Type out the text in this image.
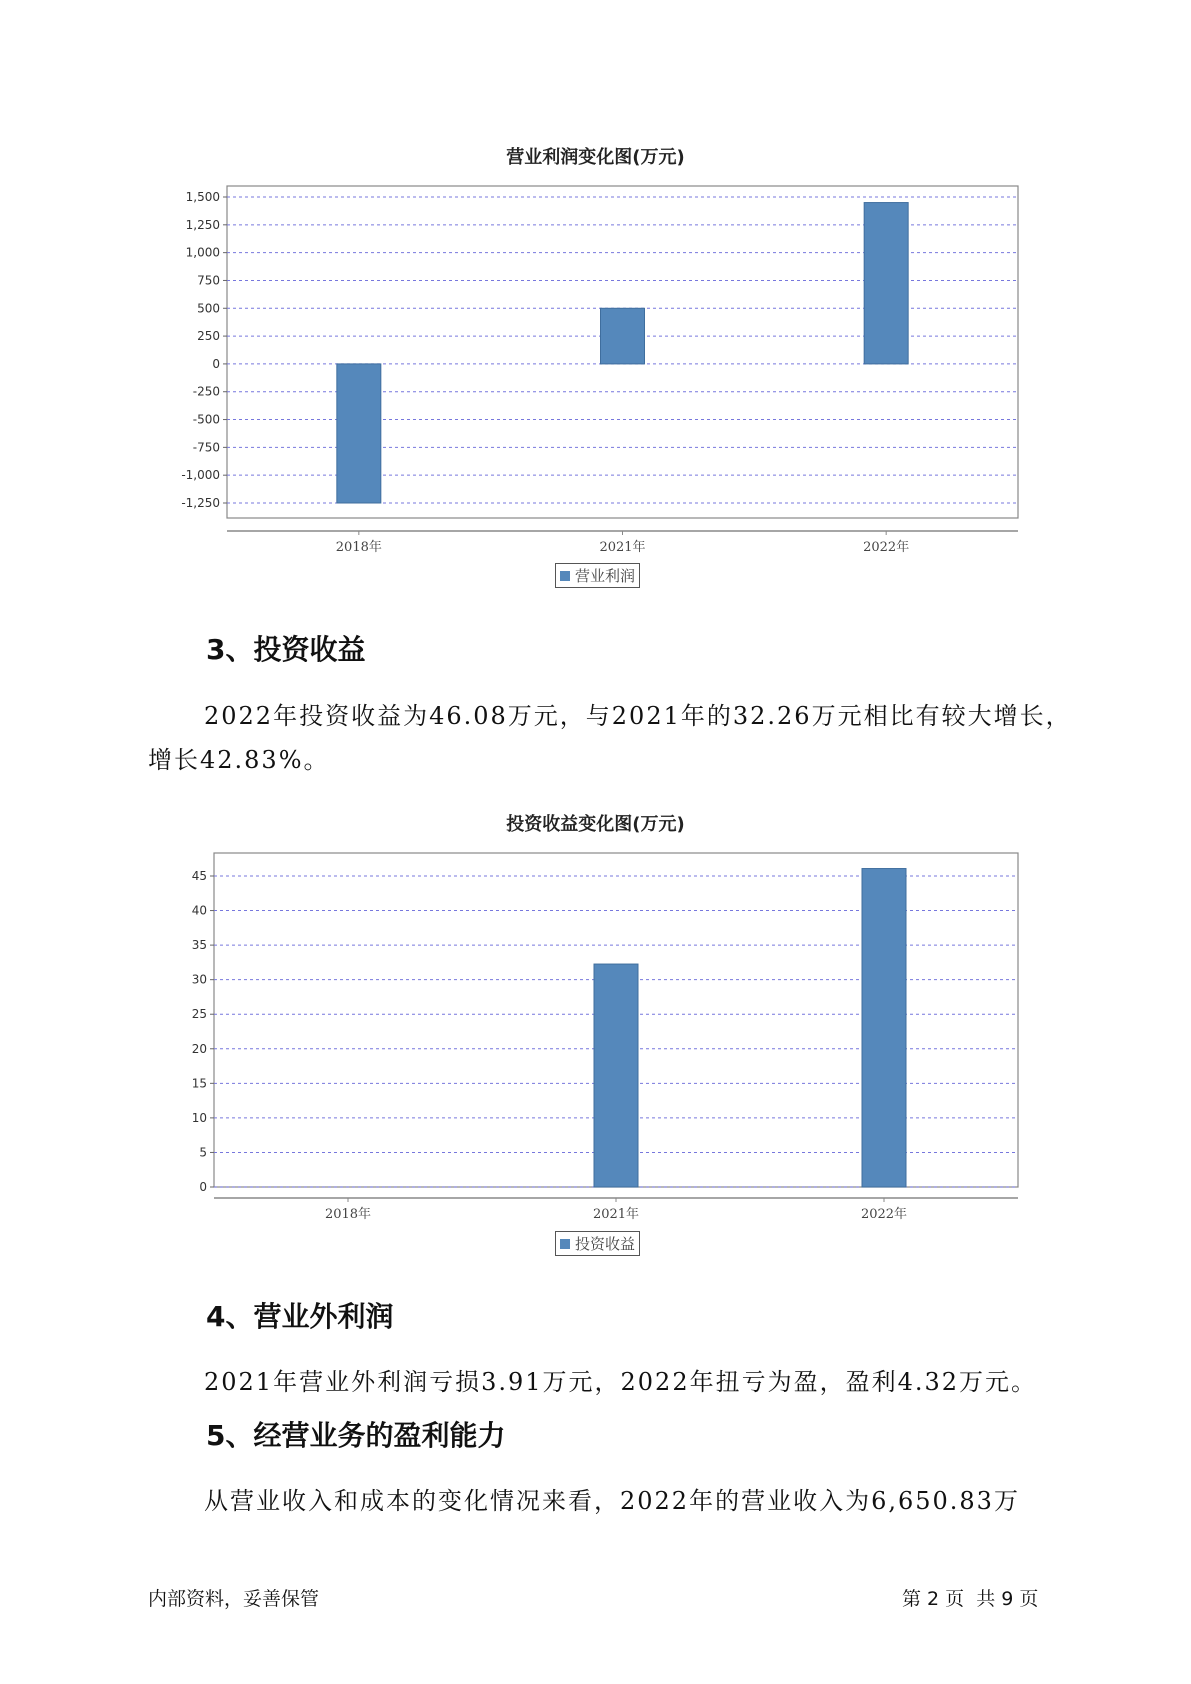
营业利润变化图(万元)
1,500
1,250
1,000
750
500
250
0
-250
-500
-750
-1,000
-1,250
2018年	2021年	2022年
营业利润
3、投资收益
2022年投资收益为46.08万元，与2021年的32.26万元相比有较大增长，
增长42.83%。
投资收益变化图(万元)
45
40
35
30
25
20
15
10
5
0
2018年	2021年	2022年
投资收益
4、营业外利润
2021年营业外利润亏损3.91万元，2022年扭亏为盈，盈利4.32万元。
5、经营业务的盈利能力
从营业收入和成本的变化情况来看，2022年的营业收入为6,650.83万
内部资料，妥善保管	第 2 页  共 9 页
